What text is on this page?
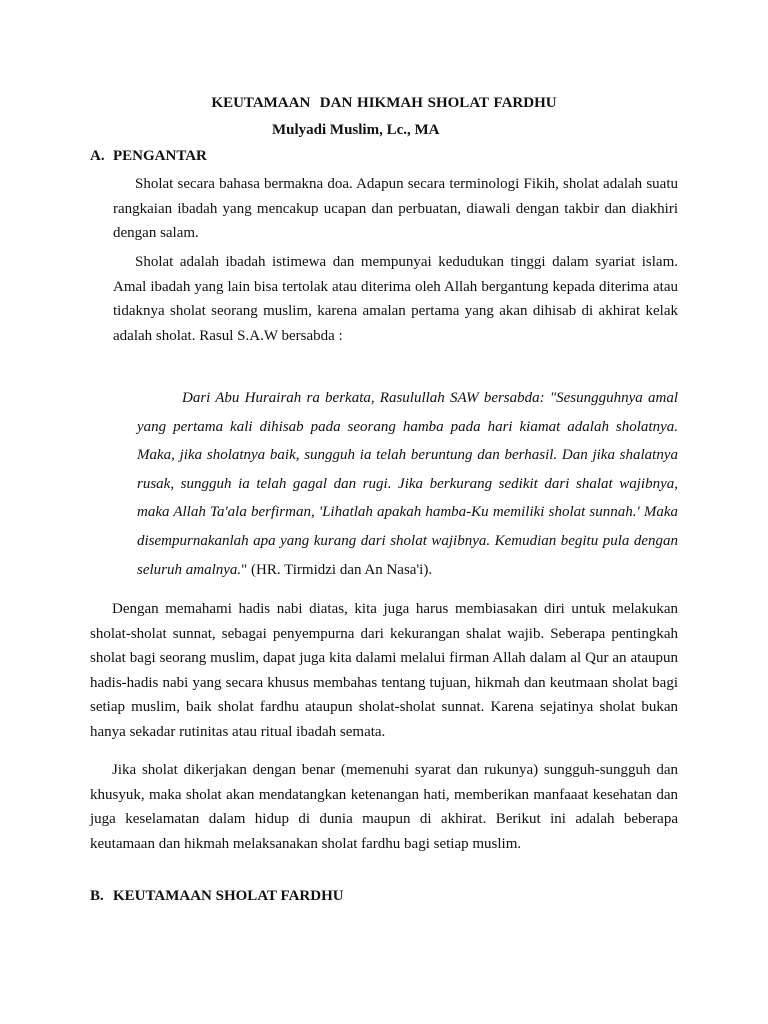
KEUTAMAAN  DAN HIKMAH SHOLAT FARDHU
Mulyadi Muslim, Lc., MA
A. PENGANTAR
Sholat secara bahasa bermakna doa. Adapun secara terminologi Fikih, sholat adalah suatu rangkaian ibadah yang mencakup ucapan dan perbuatan, diawali dengan takbir dan diakhiri dengan salam.
Sholat adalah ibadah istimewa dan mempunyai kedudukan tinggi dalam syariat islam. Amal ibadah yang lain bisa tertolak atau diterima oleh Allah bergantung kepada diterima atau tidaknya sholat seorang muslim, karena amalan pertama yang akan dihisab di akhirat kelak adalah sholat. Rasul S.A.W bersabda :
Dari Abu Hurairah ra berkata, Rasulullah SAW bersabda: "Sesungguhnya amal yang pertama kali dihisab pada seorang hamba pada hari kiamat adalah sholatnya. Maka, jika sholatnya baik, sungguh ia telah beruntung dan berhasil. Dan jika shalatnya rusak, sungguh ia telah gagal dan rugi. Jika berkurang sedikit dari shalat wajibnya, maka Allah Ta'ala berfirman, 'Lihatlah apakah hamba-Ku memiliki sholat sunnah.' Maka disempurnakanlah apa yang kurang dari sholat wajibnya. Kemudian begitu pula dengan seluruh amalnya." (HR. Tirmidzi dan An Nasa'i).
Dengan memahami hadis nabi diatas, kita juga harus membiasakan diri untuk melakukan sholat-sholat sunnat, sebagai penyempurna dari kekurangan shalat wajib. Seberapa pentingkah sholat bagi seorang muslim, dapat juga kita dalami melalui firman Allah dalam al Qur an ataupun hadis-hadis nabi yang secara khusus membahas tentang tujuan, hikmah dan keutmaan sholat bagi setiap muslim, baik sholat fardhu ataupun sholat-sholat sunnat. Karena sejatinya sholat bukan hanya sekadar rutinitas atau ritual ibadah semata.
Jika sholat dikerjakan dengan benar (memenuhi syarat dan rukunya) sungguh-sungguh dan khusyuk, maka sholat akan mendatangkan ketenangan hati, memberikan manfaaat kesehatan dan juga keselamatan dalam hidup di dunia maupun di akhirat. Berikut ini adalah beberapa keutamaan dan hikmah melaksanakan sholat fardhu bagi setiap muslim.
B. KEUTAMAAN SHOLAT FARDHU
